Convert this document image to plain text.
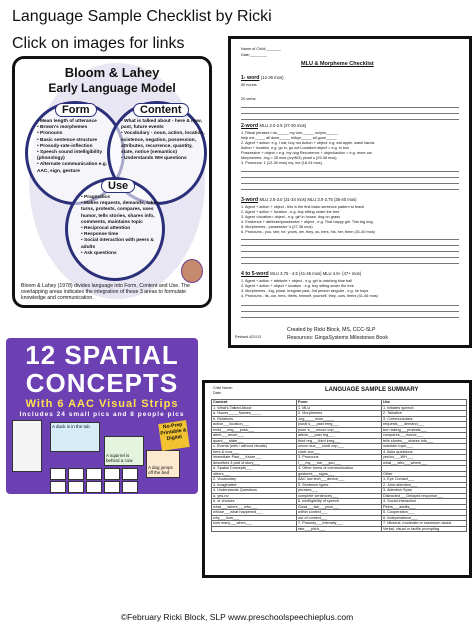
Language Sample Checklist by Ricki
Click on images for links
Bloom & Lahey
Early Language Model
Form	Content
Use
• Mean length of utterance
• Brown's morphemes
• Pronouns
• Basic sentence structure
• Prosody-rate-inflection
• Speech sound intelligibility (phonology)
• Alternate communication e.g. AAC, sign, gesture
• What is talked about - here & now, past, future events
• Vocabulary - noun, action, location, existence, negation, possession, attributes, recurrence, quantity, state, notice (semantics)
• Understands WH questions
• Pragmatics
• Makes requests, demands, takes turns, protests, compares, uses humor, tells stories, shares info, comments, maintains topic
• Reciprocal attention
• Response time
• Social interaction with peers & adults
• Ask questions
Bloom & Lahey (1978) divides language into Form, Content and Use. The overlapping areas indicates the integration of these 3 areas to formulate knowledge and communication.
Name of Child:_______
Date:________
MLU & Morpheme Checklist
1- word (12-26 mos)
50 nouns
20 verbs
2-word MLU 2.0-2.5 (27-30 mos)
1. Ritual phrases I do,_____ my turn,_____ no/yes,_____
help me_____ all done_____ hi/bye_____ all gone_____
2. Agent + action: e.g. I eat, boy run Action + object: e.g. eat apple, wash hands
Action + location, e.g. go in, go out Location+object = e.g. in box
Possessive + object = e.g. my dog Recurrence + object/action = e.g. more car
Morphemes: -ing = 28 mos (cryING) plural s (29-38 mos)
3. Pronouns: 1 (12-36 mos) my, me (18-24 mos)
3-word MLU 2.5-3.0 (31-34 mos) MLU 3.0-3.75 (35-40 mos)
1. Agent + action + object - this is the first basic sentence pattern to teach
2. Agent + action + location - e.g. boy sitting under the tree
3. Agent <location> object - e.g. girl in house, dog on grass
4. Existence + attribute/possessive + object - e.g. That happy girl. This big dog.
5. Morphemes - possessive 's (27-36 mos)
6. Pronouns - you, she, he, yours, we, they, us, hers, his, her, them (31-40 mos)
4 to 5-word MLU 3.75 - 4.5 (41-46 mos) MLU 4.5+ (47+ mos)
1. Agent + action + attribute + object - e.g. girl is catching blue ball
2. Agent + action + object + location - e.g. boy sitting under the tree
3. Morphemes - ing, plural, irregular past, 3rd person singular - e.g. he hops
4. Pronouns - its, our, hers, theirs, himself, yourself, they, ours, theirs (41-46 mos)
Created by Ricki Block, MS, CCC-SLP
Resources: GingaSystems Milestones Book
Revised 4/21/13
12 SPATIAL
CONCEPTS
With 6 AAC Visual Strips
Includes 24 small pics and 8 people pics
A duck is in the tub
A squirrel is behind a cow
A dog jumps off the bed
No-Prep Printable & Digital
Child Name:
Date:	LANGUAGE SAMPLE SUMMARY
Content	Form	Use
1. What's Talked About	1. MLU	1. Initiates speech
a. Nouns_____Names_____	2. Morphemes	2. Talkative
b. Relations	-ing_____in/on_____	3. Communicates
action___location___	plural s___past irreg___	requests___demand___
exist___neg___poss___	poss 's___uncon cop___	turn taking___protests___
attrib___recurr___	article___past reg___	compares___humor___
quant___state___	third reg___third irreg___	tells stories___shares info___
c. Events (with / without visuals)	uncon aux___contr cop___	maintain topic___
here & now___	contr aux___	4. Asks questions
immediate Past___future___	3. Pronouns	yes/no___WH___
describes 3 part of story___	I___my___me___you___	what___who___where___
d. Spatial Concepts___	4. Other forms of communication	
others___	gestures___signs___	Other
2. Vocabulary	AAC low tech___device___	1. Eye Contact___
3. Imaginative	5. Sentence types	2. Joint attention___
4. Understands Questions	phrases___	3. Attention Span
a. yes-no	complete sentences___	Distracted___Delayed response___
b. or choices	6. Intelligibility of speech	4. Social interaction
what___where___who___	Good___fair___poor___	Peers___adults___
whose___what happened___	within context___	5. Cooperation___
why___how___	out of context___	6. Independence___
how many___when___	7. Prosody___intensity___	7. Minimal, moderate or maximum assist
	rate___pitch___	Verbal, visual or tactile prompting
©February Ricki Block, SLP www.preschoolspeechieplus.com
